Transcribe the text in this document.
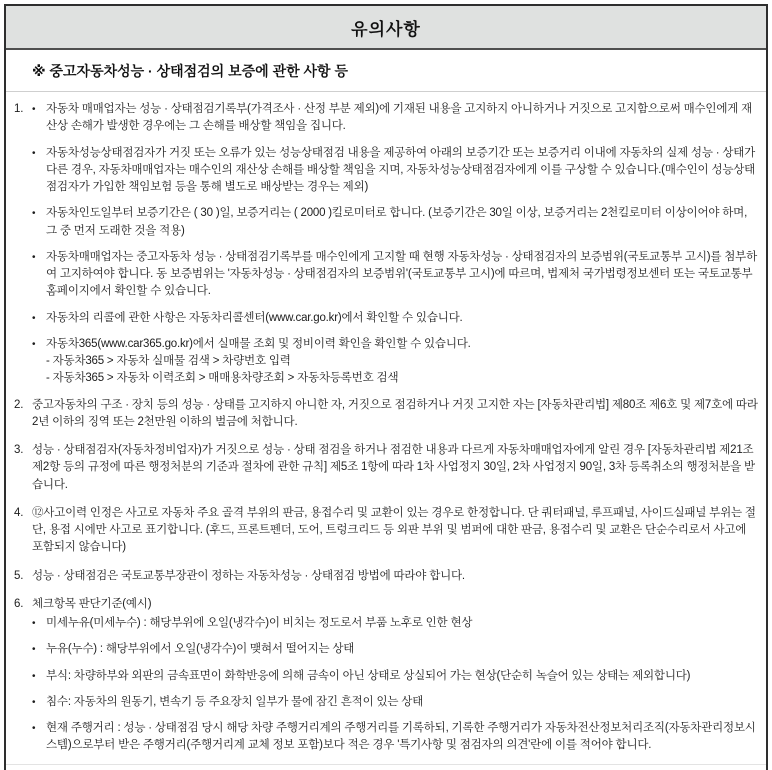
유의사항
※ 중고자동차성능 · 상태점검의 보증에 관한 사항 등
1. • 자동차 매매업자는 성능 · 상태점검기록부(가격조사 · 산정 부분 제외)에 기재된 내용을 고지하지 아니하거나 거짓으로 고지함으로써 매수인에게 재산상 손해가 발생한 경우에는 그 손해를 배상할 책임을 집니다.
• 자동차성능상태점검자가 거짓 또는 오류가 있는 성능상태점검 내용을 제공하여 아래의 보증기간 또는 보증거리 이내에 자동차의 실제 성능 · 상태가 다른 경우, 자동차매매업자는 매수인의 재산상 손해를 배상할 책임을 지며, 자동차성능상태점검자에게 이를 구상할 수 있습니다.(매수인이 성능상태점검자가 가입한 책임보험 등을 통해 별도로 배상받는 경우는 제외)
• 자동차인도일부터 보증기간은 ( 30 )일, 보증거리는 ( 2000 )킬로미터로 합니다. (보증기간은 30일 이상, 보증거리는 2천킬로미터 이상이어야 하며, 그 중 먼저 도래한 것을 적용)
• 자동차매매업자는 중고자동차 성능 · 상태점검기록부를 매수인에게 고지할 때 현행 자동차성능 · 상태점검자의 보증범위(국토교통부 고시)를 첨부하여 고지하여야 합니다. 동 보증범위는 '자동차성능 · 상태점검자의 보증범위'(국토교통부 고시)에 따르며, 법제처 국가법령정보센터 또는 국토교통부 홈페이지에서 확인할 수 있습니다.
• 자동차의 리콜에 관한 사항은 자동차리콜센터(www.car.go.kr)에서 확인할 수 있습니다.
• 자동차365(www.car365.go.kr)에서 실매물 조회 및 정비이력 확인을 확인할 수 있습니다.
- 자동차365 > 자동차 실매물 검색 > 차량번호 입력
- 자동차365 > 자동차 이력조회 > 매매용차량조회 > 자동차등록번호 검색
2. 중고자동차의 구조 · 장치 등의 성능 · 상태를 고지하지 아니한 자, 거짓으로 점검하거나 거짓 고지한 자는 [자동차관리법] 제80조 제6호 및 제7호에 따라 2년 이하의 징역 또는 2천만원 이하의 벌금에 처합니다.
3. 성능 · 상태점검자(자동차정비업자)가 거짓으로 성능 · 상태 점검을 하거나 점검한 내용과 다르게 자동차매매업자에게 알린 경우 [자동차관리법 제21조 제2항 등의 규정에 따른 행정처분의 기준과 절차에 관한 규칙] 제5조 1항에 따라 1차 사업정지 30일, 2차 사업정지 90일, 3차 등록취소의 행정처분을 받습니다.
4. ⑫사고이력 인정은 사고로 자동차 주요 골격 부위의 판금, 용접수리 및 교환이 있는 경우로 한정합니다. 단 쿼터패널, 루프패널, 사이드실패널 부위는 절단, 용접 시에만 사고로 표기합니다. (후드, 프론트펜더, 도어, 트렁크리드 등 외판 부위 및 범퍼에 대한 판금, 용접수리 및 교환은 단순수리로서 사고에 포함되지 않습니다)
5. 성능 · 상태점검은 국토교통부장관이 정하는 자동차성능 · 상태점검 방법에 따라야 합니다.
6. 체크항목 판단기준(예시)
• 미세누유(미세누수) : 해당부위에 오일(냉각수)이 비치는 정도로서 부품 노후로 인한 현상
• 누유(누수) : 해당부위에서 오일(냉각수)이 맺혀서 떨어지는 상태
• 부식: 차량하부와 외판의 금속표면이 화학반응에 의해 금속이 아닌 상태로 상실되어 가는 현상(단순히 녹슬어 있는 상태는 제외합니다)
• 침수: 자동차의 원동기, 변속기 등 주요장치 일부가 물에 잠긴 흔적이 있는 상태
• 현재 주행거리 : 성능 · 상태점검 당시 해당 차량 주행거리계의 주행거리를 기록하되, 기록한 주행거리가 자동차전산정보처리조직(자동차관리정보시스템)으로부터 받은 주행거리(주행거리계 교체 정보 포함)보다 적은 경우 '특기사항 및 점검자의 의견'란에 이를 적어야 합니다.
